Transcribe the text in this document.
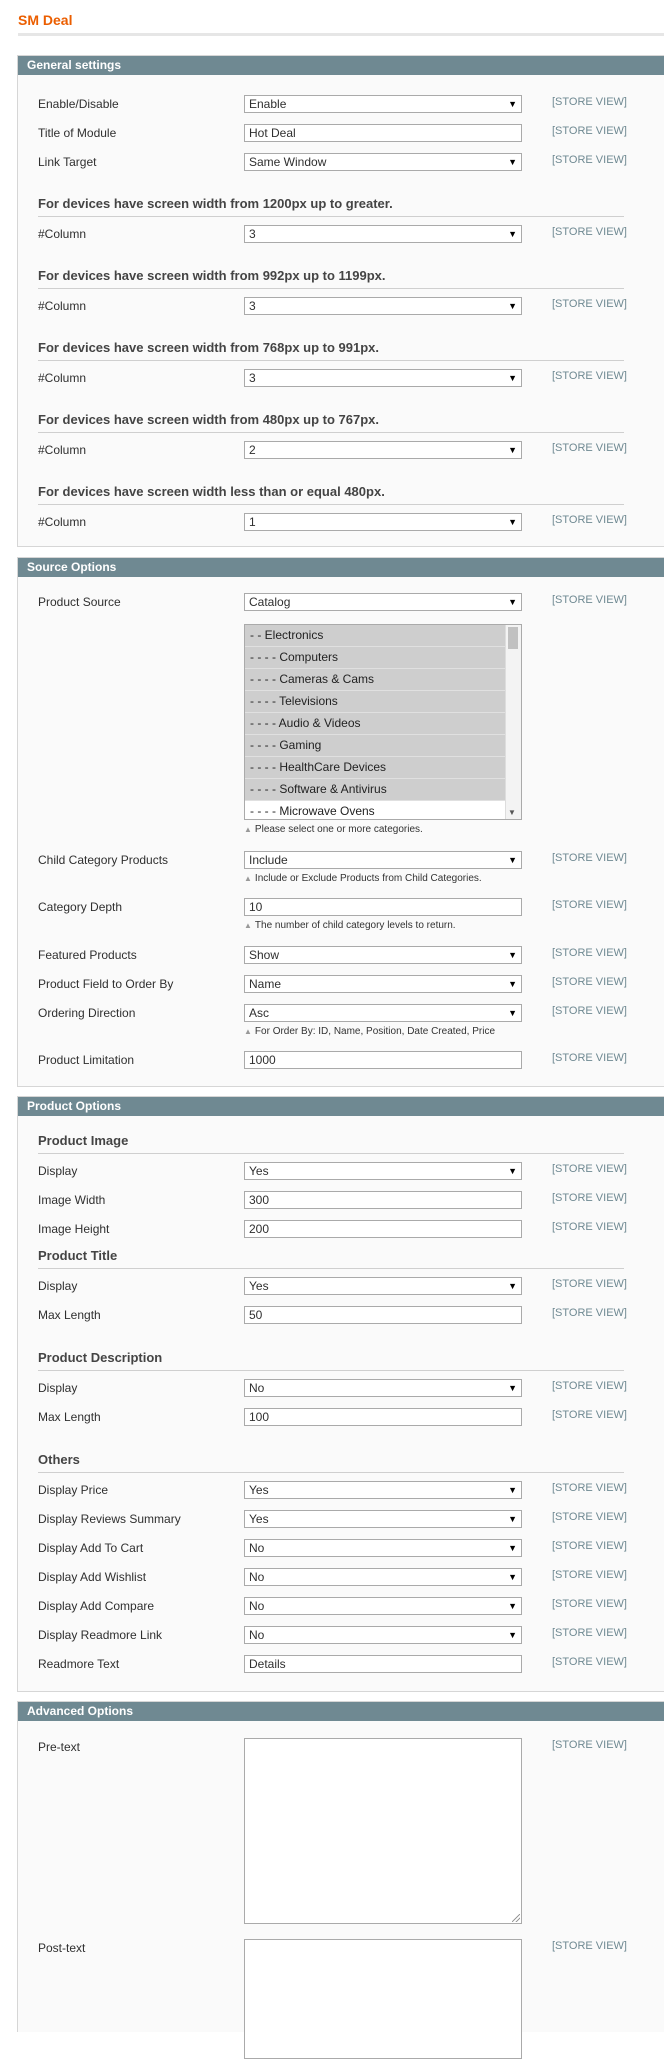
SM Deal
General settings
Enable/Disable	Enable	▼	[STORE VIEW]
Title of Module	Hot Deal	[STORE VIEW]
Link Target	Same Window	▼	[STORE VIEW]
For devices have screen width from 1200px up to greater.
#Column	3	▼	[STORE VIEW]
For devices have screen width from 992px up to 1199px.
#Column	3	▼	[STORE VIEW]
For devices have screen width from 768px up to 991px.
#Column	3	▼	[STORE VIEW]
For devices have screen width from 480px up to 767px.
#Column	2	▼	[STORE VIEW]
For devices have screen width less than or equal 480px.
#Column	1	▼	[STORE VIEW]
Source Options
Product Source	Catalog	▼	[STORE VIEW]
- - Electronics
- - - - Computers
- - - - Cameras & Cams
- - - - Televisions
- - - - Audio & Videos
- - - - Gaming
- - - - HealthCare Devices
- - - - Software & Antivirus
- - - - Microwave Ovens	▼
▲ Please select one or more categories.
Child Category Products	Include	▼	[STORE VIEW]
▲ Include or Exclude Products from Child Categories.
Category Depth	10	[STORE VIEW]
▲ The number of child category levels to return.
Featured Products	Show	▼	[STORE VIEW]
Product Field to Order By	Name	▼	[STORE VIEW]
Ordering Direction	Asc	▼	[STORE VIEW]
▲ For Order By: ID, Name, Position, Date Created, Price
Product Limitation	1000	[STORE VIEW]
Product Options
Product Image
Display	Yes	▼	[STORE VIEW]
Image Width	300	[STORE VIEW]
Image Height	200	[STORE VIEW]
Product Title
Display	Yes	▼	[STORE VIEW]
Max Length	50	[STORE VIEW]
Product Description
Display	No	▼	[STORE VIEW]
Max Length	100	[STORE VIEW]
Others
Display Price	Yes	▼	[STORE VIEW]
Display Reviews Summary	Yes	▼	[STORE VIEW]
Display Add To Cart	No	▼	[STORE VIEW]
Display Add Wishlist	No	▼	[STORE VIEW]
Display Add Compare	No	▼	[STORE VIEW]
Display Readmore Link	No	▼	[STORE VIEW]
Readmore Text	Details	[STORE VIEW]
Advanced Options
Pre-text	[STORE VIEW]
Post-text	[STORE VIEW]
